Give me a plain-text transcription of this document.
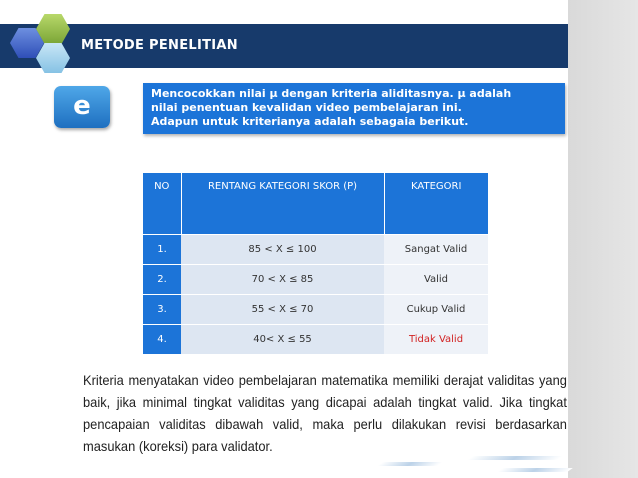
METODE PENELITIAN
e	Mencocokkan nilai μ dengan kriteria aliditasnya. μ adalah
nilai penentuan kevalidan video pembelajaran ini.
Adapun untuk kriterianya adalah sebagaia berikut.
NO	RENTANG KATEGORI SKOR (P)	KATEGORI
1.	85 < X ≤ 100	Sangat Valid
2.	70 < X ≤ 85	Valid
3.	55 < X ≤ 70	Cukup Valid
4.	40< X ≤ 55	Tidak Valid
Kriteria menyatakan video pembelajaran matematika memiliki derajat validitas yang baik, jika minimal tingkat validitas yang dicapai adalah tingkat valid. Jika tingkat pencapaian validitas dibawah valid, maka perlu dilakukan revisi berdasarkan masukan (koreksi) para validator.
